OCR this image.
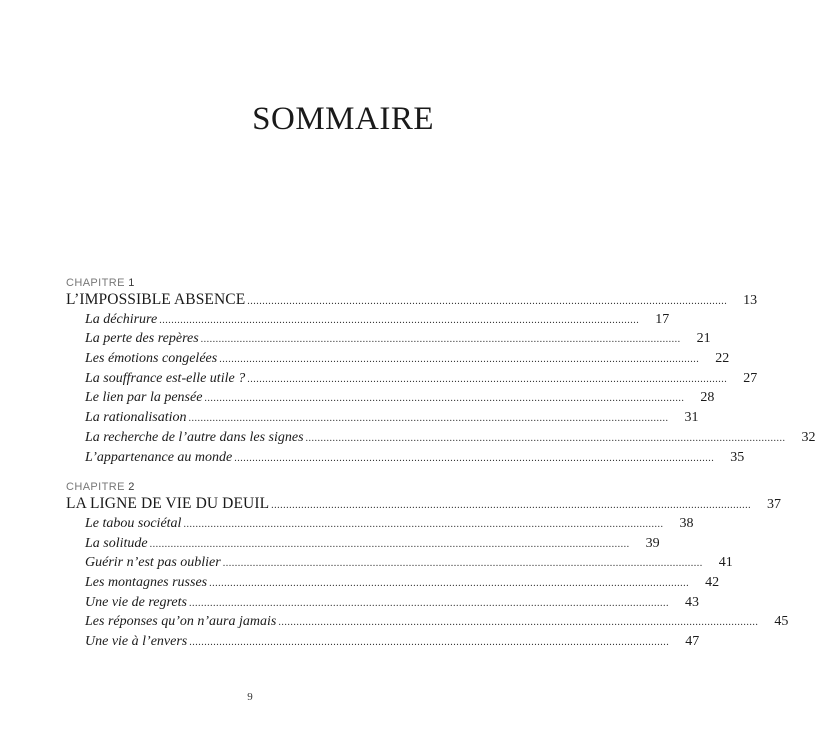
SOMMAIRE
CHAPITRE 1
L’IMPOSSIBLE ABSENCE ................................................................................................................................................................	13
La déchirure ................................................................................................................................................................	17
La perte des repères ................................................................................................................................................................	21
Les émotions congelées ................................................................................................................................................................	22
La souffrance est-elle utile ? ................................................................................................................................................................	27
Le lien par la pensée ................................................................................................................................................................	28
La rationalisation ................................................................................................................................................................	31
La recherche de l’autre dans les signes ................................................................................................................................................................	32
L’appartenance au monde ................................................................................................................................................................	35
CHAPITRE 2
LA LIGNE DE VIE DU DEUIL ................................................................................................................................................................	37
Le tabou sociétal ................................................................................................................................................................	38
La solitude ................................................................................................................................................................	39
Guérir n’est pas oublier ................................................................................................................................................................	41
Les montagnes russes ................................................................................................................................................................	42
Une vie de regrets ................................................................................................................................................................	43
Les réponses qu’on n’aura jamais ................................................................................................................................................................	45
Une vie à l’envers ................................................................................................................................................................	47
9
